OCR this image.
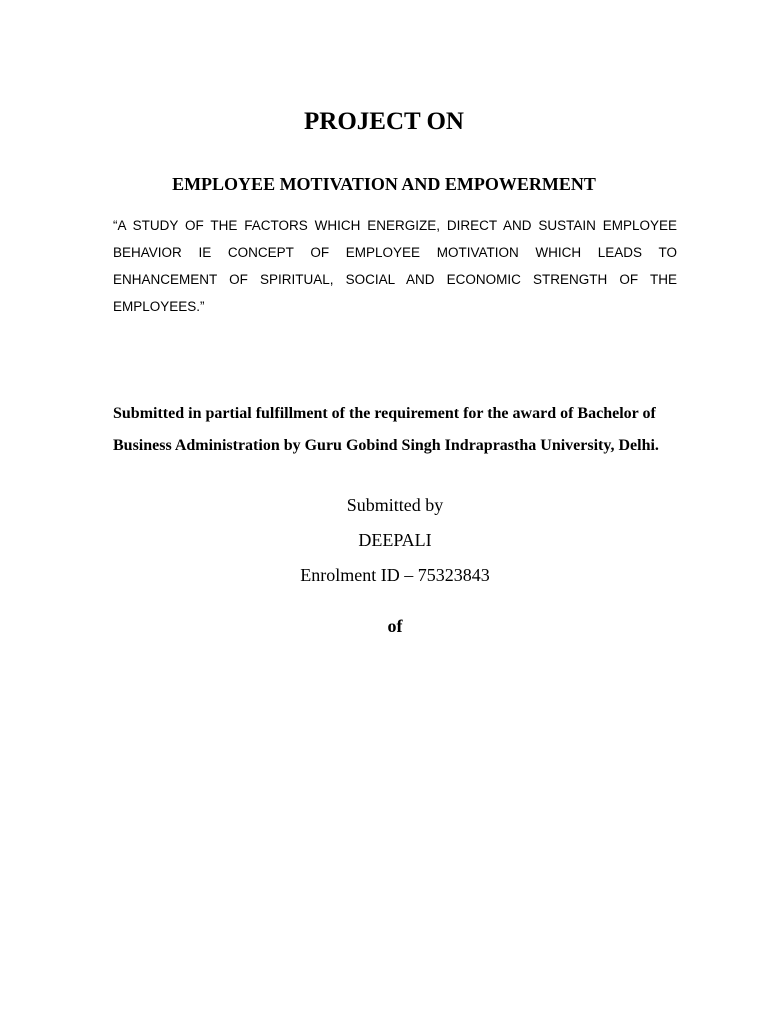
PROJECT ON
EMPLOYEE MOTIVATION AND EMPOWERMENT

“A STUDY OF THE FACTORS WHICH ENERGIZE, DIRECT AND SUSTAIN EMPLOYEE BEHAVIOR IE CONCEPT OF EMPLOYEE MOTIVATION WHICH LEADS TO ENHANCEMENT OF SPIRITUAL, SOCIAL AND ECONOMIC STRENGTH OF THE EMPLOYEES.”

Submitted in partial fulfillment of the requirement for the award of Bachelor of Business Administration by Guru Gobind Singh Indraprastha University, Delhi.

Submitted by

DEEPALI

Enrolment ID – 75323843

of
